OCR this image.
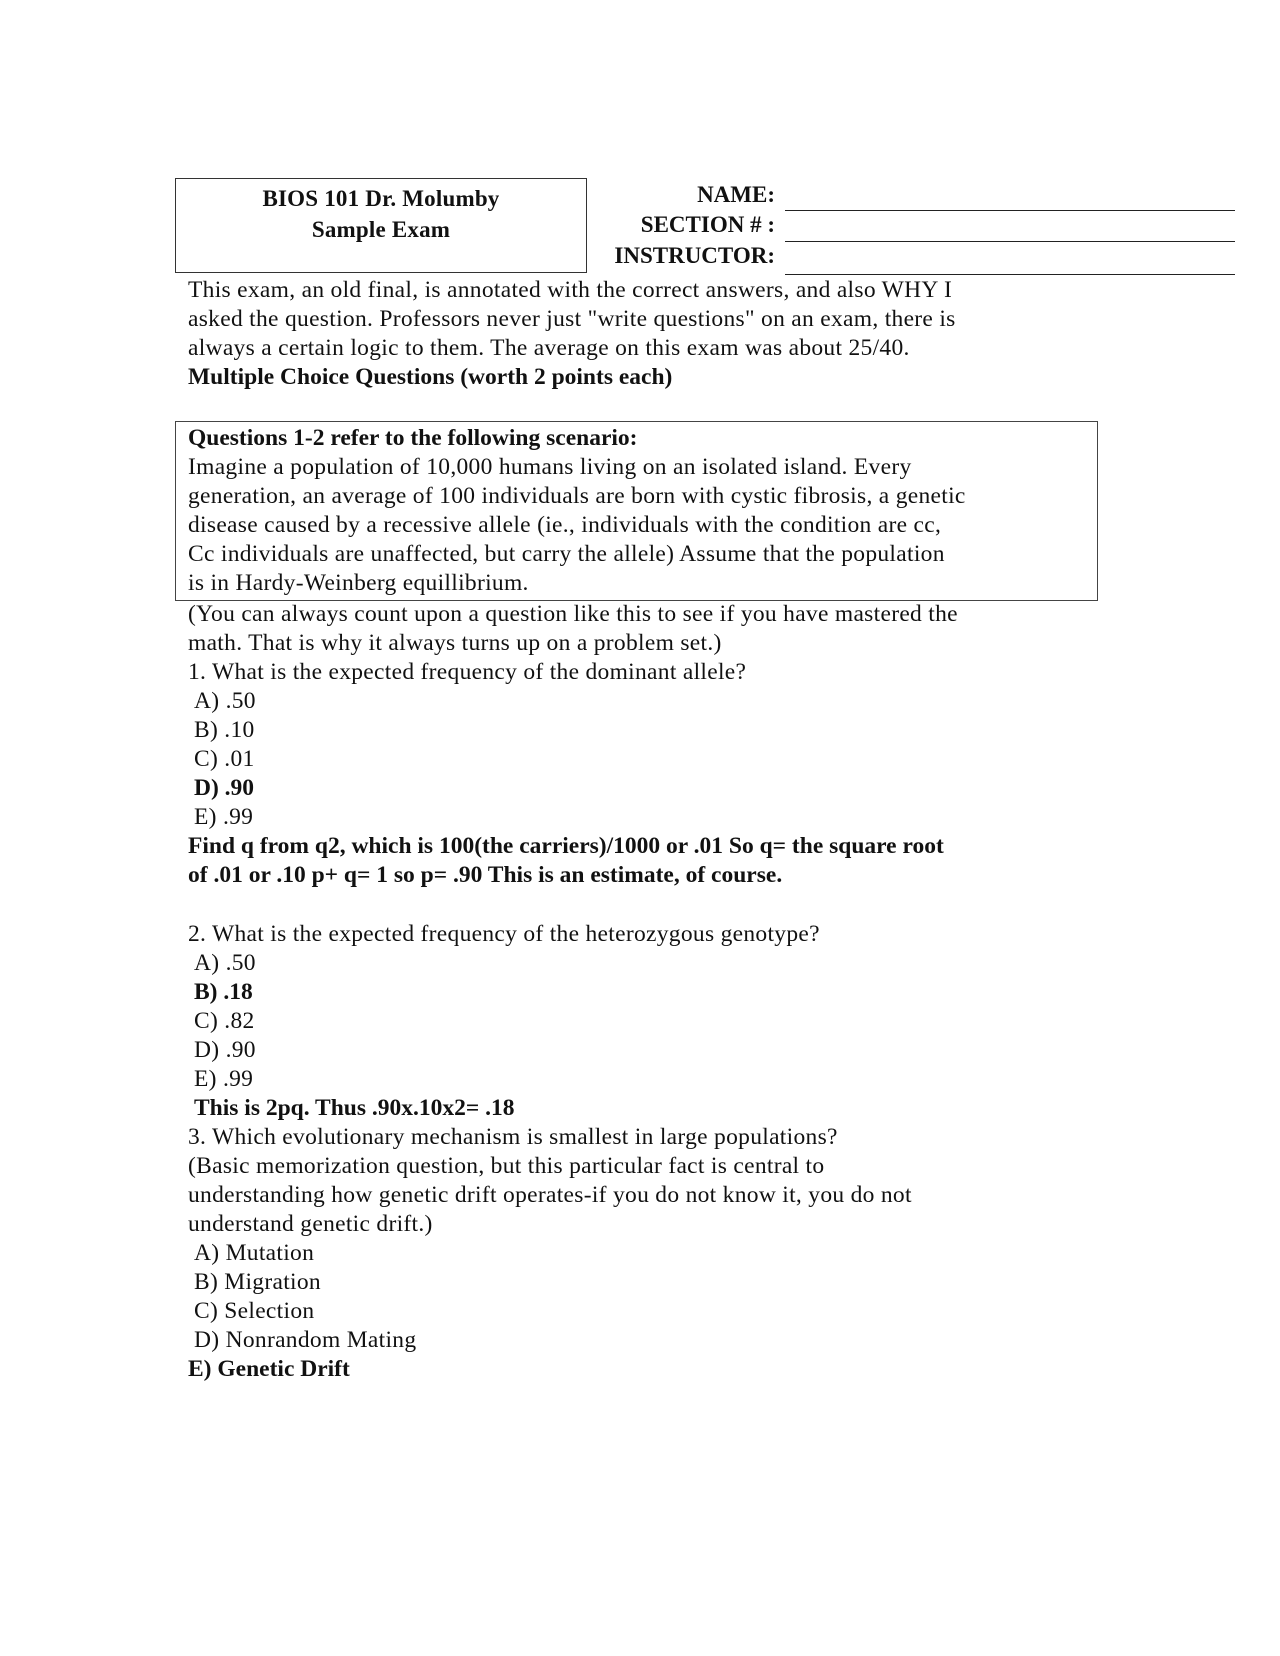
BIOS 101 Dr. Molumby
Sample Exam
NAME:
SECTION # :
INSTRUCTOR:
This exam, an old final, is annotated with the correct answers, and also WHY I
asked the question. Professors never just "write questions" on an exam, there is
always a certain logic to them. The average on this exam was about 25/40.
Multiple Choice Questions (worth 2 points each)
Questions 1-2 refer to the following scenario:
Imagine a population of 10,000 humans living on an isolated island. Every
generation, an average of 100 individuals are born with cystic fibrosis, a genetic
disease caused by a recessive allele (ie., individuals with the condition are cc,
Cc individuals are unaffected, but carry the allele) Assume that the population
is in Hardy-Weinberg equillibrium.
(You can always count upon a question like this to see if you have mastered the
math. That is why it always turns up on a problem set.)
1. What is the expected frequency of the dominant allele?
A) .50
B) .10
C) .01
D) .90
E) .99
Find q from q2, which is 100(the carriers)/1000 or .01 So q= the square root
of .01 or .10 p+ q= 1 so p= .90 This is an estimate, of course.
2. What is the expected frequency of the heterozygous genotype?
A) .50
B) .18
C) .82
D) .90
E) .99
This is 2pq. Thus .90x.10x2= .18
3. Which evolutionary mechanism is smallest in large populations?
(Basic memorization question, but this particular fact is central to
understanding how genetic drift operates-if you do not know it, you do not
understand genetic drift.)
A) Mutation
B) Migration
C) Selection
D) Nonrandom Mating
E) Genetic Drift
